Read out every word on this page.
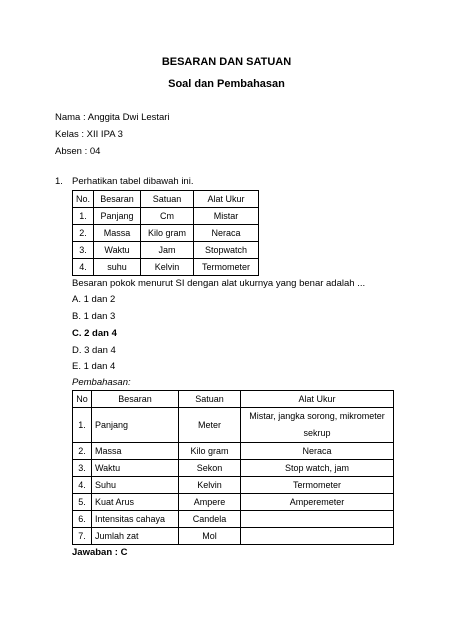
BESARAN DAN SATUAN
Soal dan Pembahasan
Nama : Anggita Dwi Lestari
Kelas : XII IPA 3
Absen : 04
1. Perhatikan tabel dibawah ini.
No.	Besaran	Satuan	Alat Ukur
1.	Panjang	Cm	Mistar
2.	Massa	Kilo gram	Neraca
3.	Waktu	Jam	Stopwatch
4.	suhu	Kelvin	Termometer
Besaran pokok menurut SI dengan alat ukurnya yang benar adalah ...
A. 1 dan 2
B. 1 dan 3
C. 2 dan 4
D. 3 dan 4
E. 1 dan 4
Pembahasan:
No	Besaran	Satuan	Alat Ukur
1.	Panjang	Meter	Mistar, jangka sorong, mikrometer
sekrup

2.	Massa	Kilo gram	Neraca
3.	Waktu	Sekon	Stop watch, jam
4.	Suhu	Kelvin	Termometer
5.	Kuat Arus	Ampere	Amperemeter
6.	Intensitas cahaya	Candela	
7.	Jumlah zat	Mol	
Jawaban : C
